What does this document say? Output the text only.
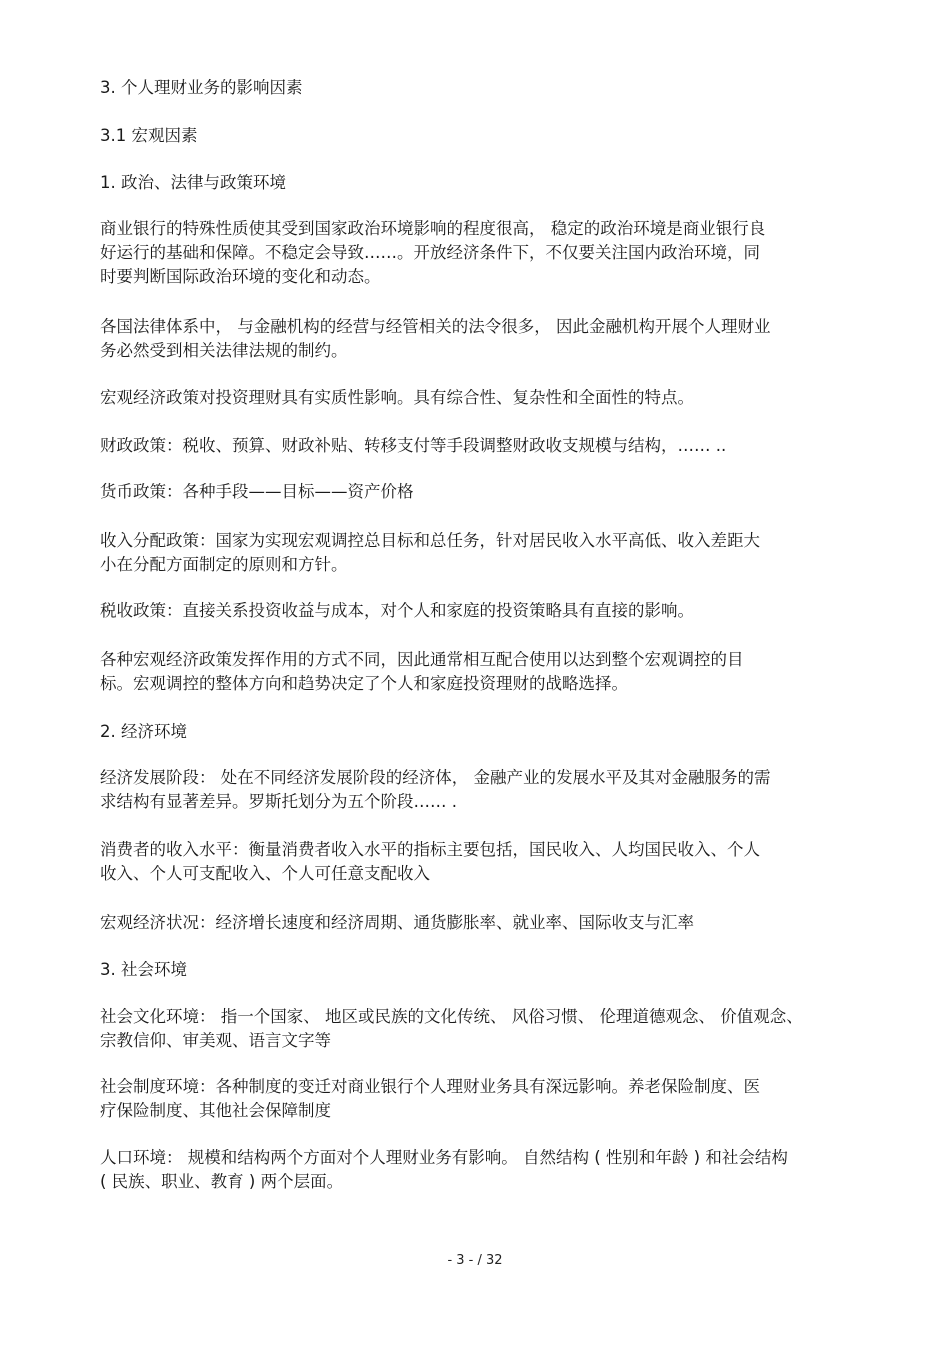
3. 个人理财业务的影响因素
3.1 宏观因素
1. 政治、法律与政策环境
商业银行的特殊性质使其受到国家政治环境影响的程度很高， 稳定的政治环境是商业银行良
好运行的基础和保障。不稳定会导致……。开放经济条件下，不仅要关注国内政治环境，同
时要判断国际政治环境的变化和动态。
各国法律体系中， 与金融机构的经营与经管相关的法令很多， 因此金融机构开展个人理财业
务必然受到相关法律法规的制约。
宏观经济政策对投资理财具有实质性影响。具有综合性、复杂性和全面性的特点。
财政政策：税收、预算、财政补贴、转移支付等手段调整财政收支规模与结构，…… ..
货币政策：各种手段——目标——资产价格
收入分配政策：国家为实现宏观调控总目标和总任务，针对居民收入水平高低、收入差距大
小在分配方面制定的原则和方针。
税收政策：直接关系投资收益与成本，对个人和家庭的投资策略具有直接的影响。
各种宏观经济政策发挥作用的方式不同，因此通常相互配合使用以达到整个宏观调控的目
标。宏观调控的整体方向和趋势决定了个人和家庭投资理财的战略选择。
2. 经济环境
经济发展阶段： 处在不同经济发展阶段的经济体， 金融产业的发展水平及其对金融服务的需
求结构有显著差异。罗斯托划分为五个阶段…… .
消费者的收入水平：衡量消费者收入水平的指标主要包括，国民收入、人均国民收入、个人
收入、个人可支配收入、个人可任意支配收入
宏观经济状况：经济增长速度和经济周期、通货膨胀率、就业率、国际收支与汇率
3. 社会环境
社会文化环境： 指一个国家、 地区或民族的文化传统、 风俗习惯、 伦理道德观念、 价值观念、
宗教信仰、审美观、语言文字等
社会制度环境：各种制度的变迁对商业银行个人理财业务具有深远影响。养老保险制度、医
疗保险制度、其他社会保障制度
人口环境： 规模和结构两个方面对个人理财业务有影响。 自然结构 ( 性别和年龄 ) 和社会结构
( 民族、职业、教育 ) 两个层面。
- 3 - / 32
